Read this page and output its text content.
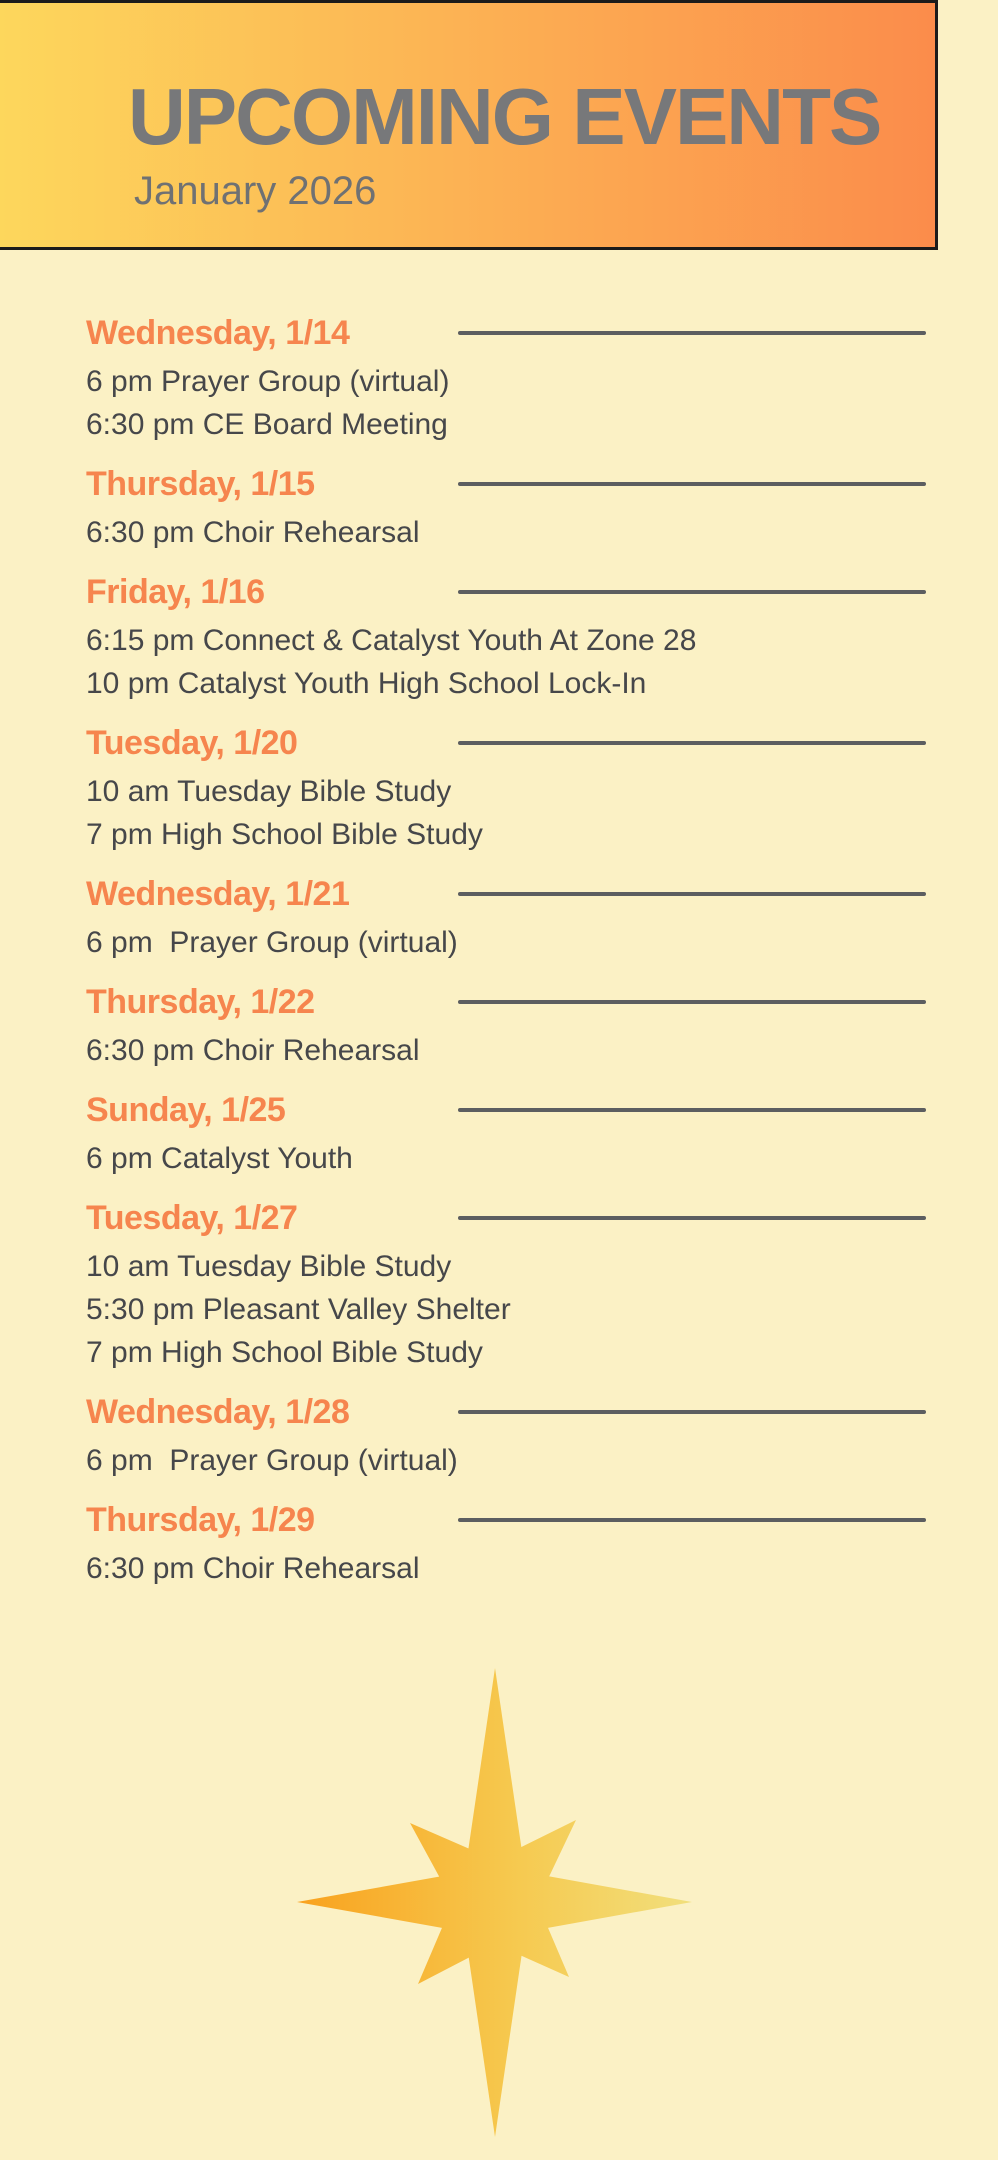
UPCOMING EVENTS
January 2026
Wednesday, 1/14
6 pm Prayer Group (virtual)
6:30 pm CE Board Meeting
Thursday, 1/15
6:30 pm Choir Rehearsal
Friday, 1/16
6:15 pm Connect & Catalyst Youth At Zone 28
10 pm Catalyst Youth High School Lock-In
Tuesday, 1/20
10 am Tuesday Bible Study
7 pm High School Bible Study
Wednesday, 1/21
6 pm  Prayer Group (virtual)
Thursday, 1/22
6:30 pm Choir Rehearsal
Sunday, 1/25
6 pm Catalyst Youth
Tuesday, 1/27
10 am Tuesday Bible Study
5:30 pm Pleasant Valley Shelter
7 pm High School Bible Study
Wednesday, 1/28
6 pm  Prayer Group (virtual)
Thursday, 1/29
6:30 pm Choir Rehearsal
